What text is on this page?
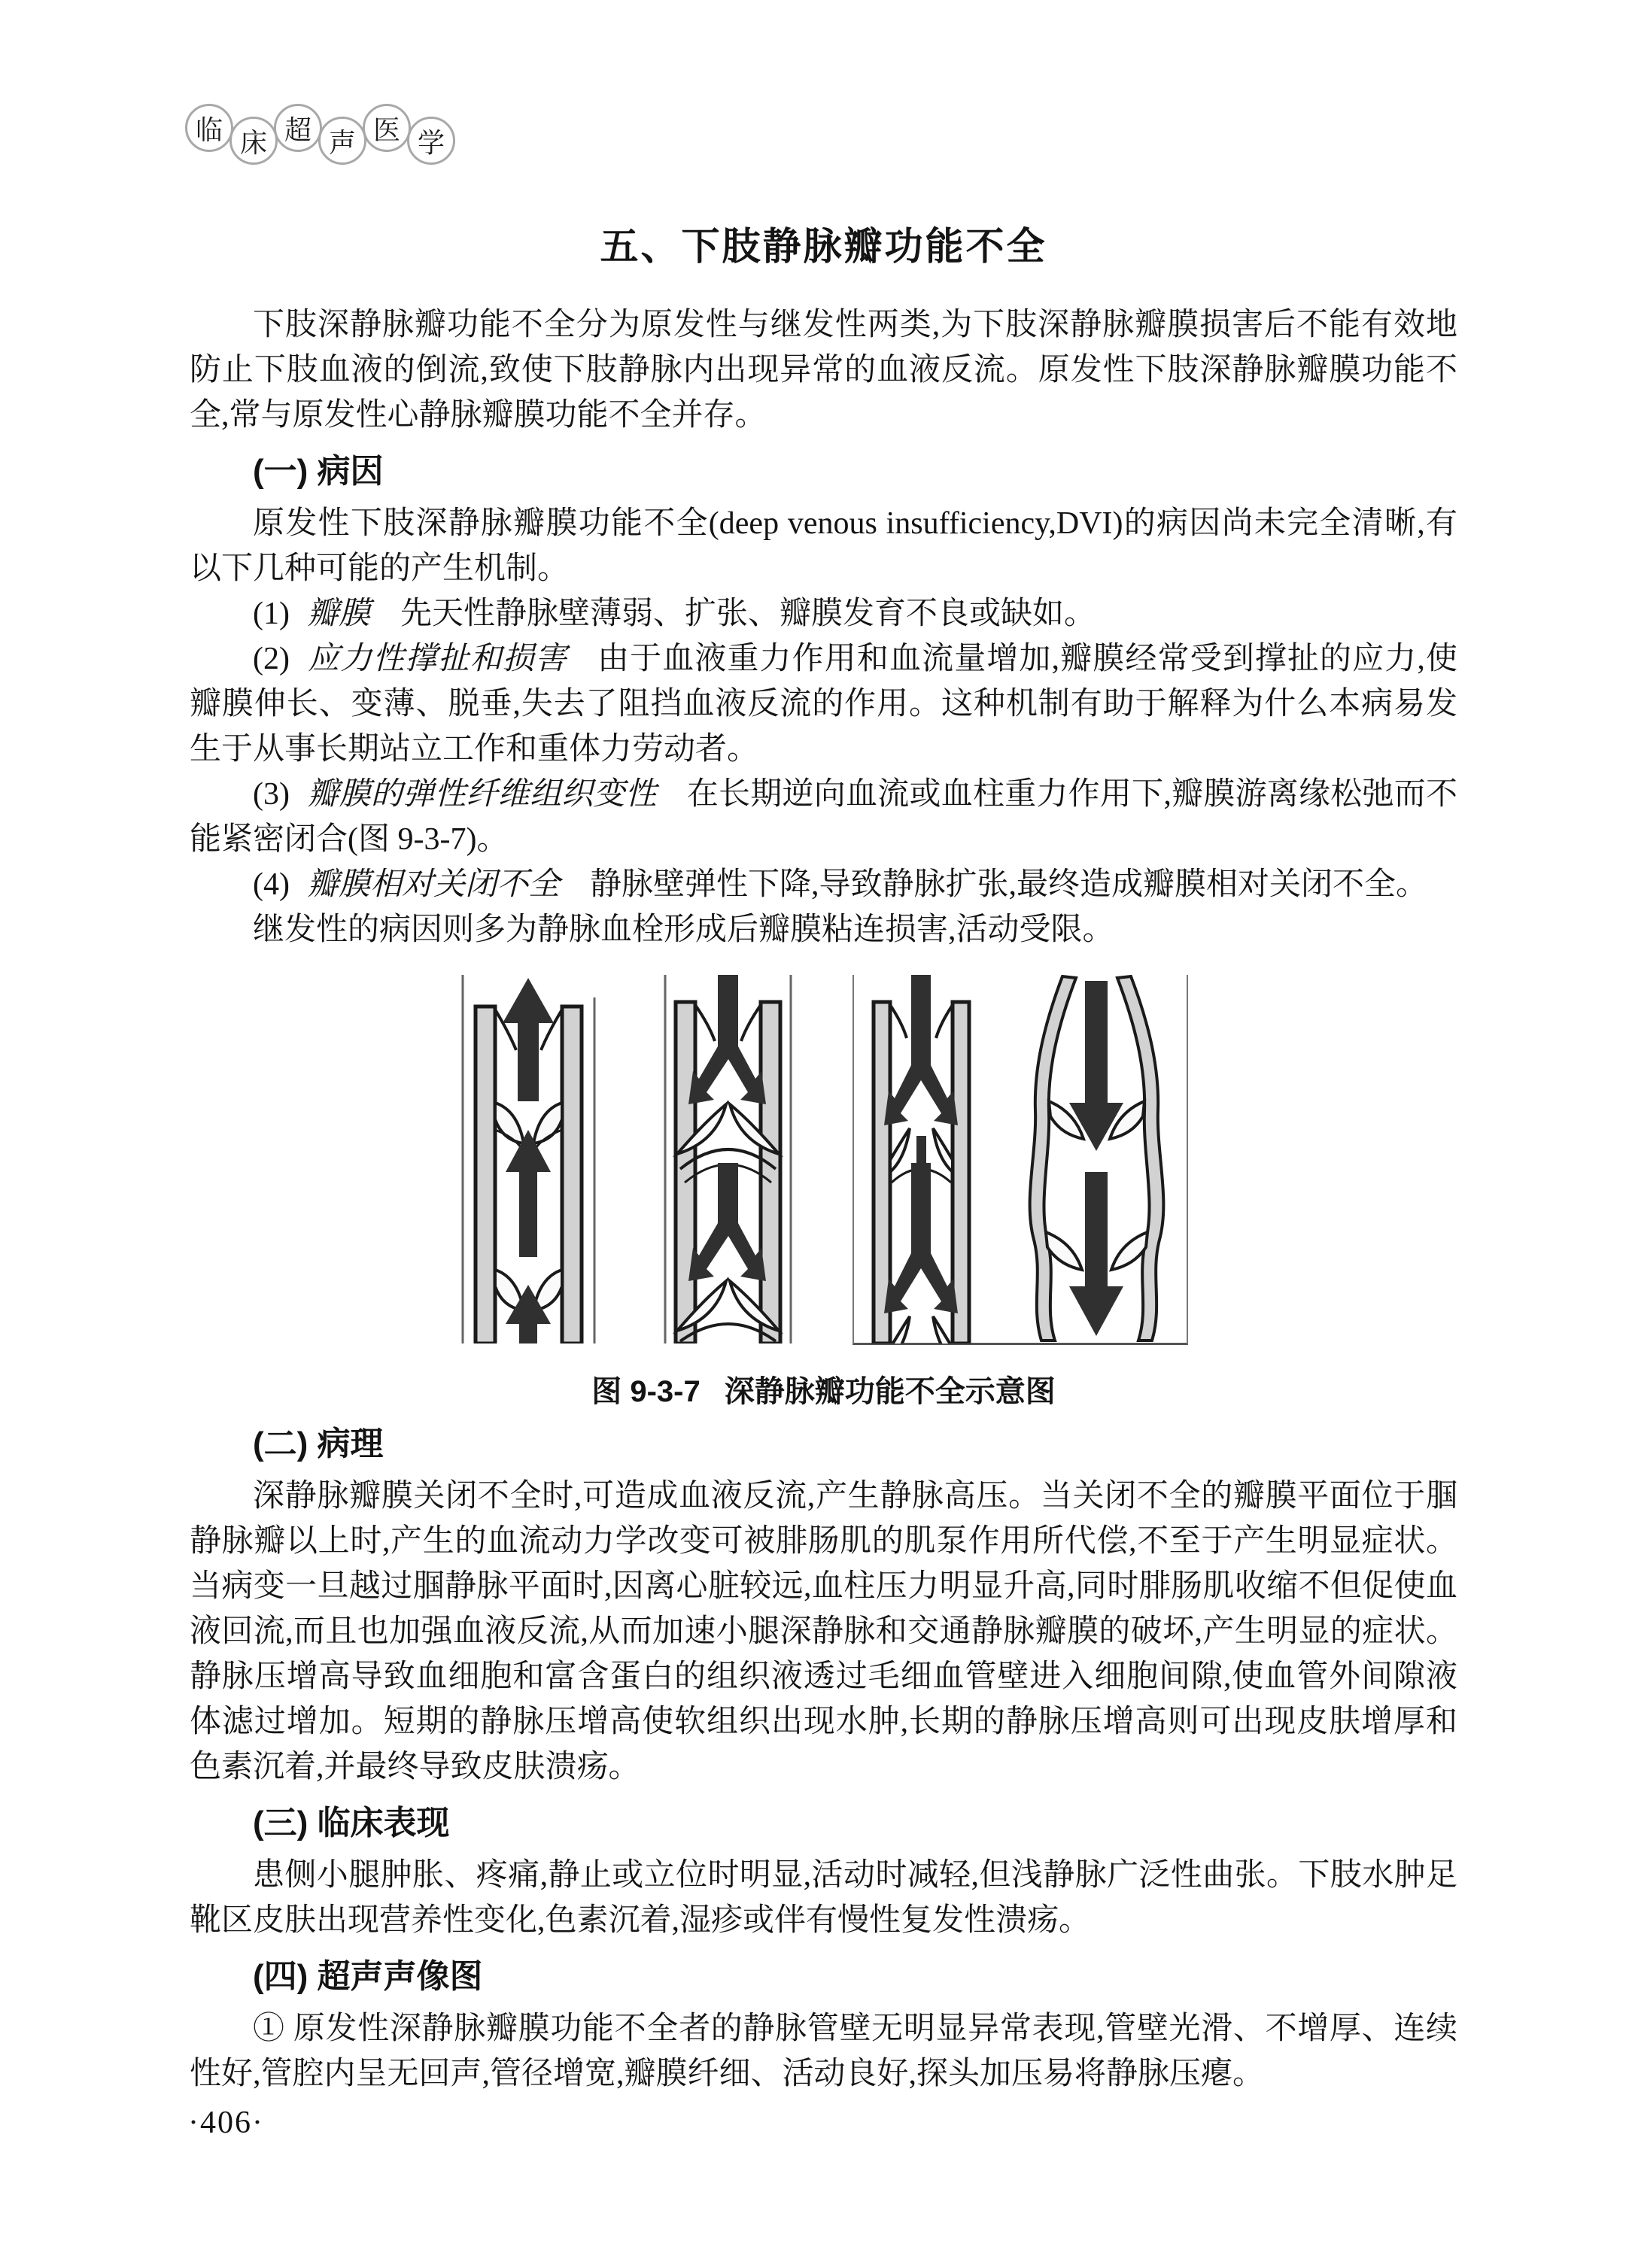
临 床 超 声 医 学
五、下肢静脉瓣功能不全

下肢深静脉瓣功能不全分为原发性与继发性两类,为下肢深静脉瓣膜损害后不能有效地防止下肢血液的倒流,致使下肢静脉内出现异常的血液反流。原发性下肢深静脉瓣膜功能不全,常与原发性心静脉瓣膜功能不全并存。

(一) 病因

原发性下肢深静脉瓣膜功能不全(deep venous insufficiency,DVI)的病因尚未完全清晰,有以下几种可能的产生机制。

(1) 瓣膜 先天性静脉壁薄弱、扩张、瓣膜发育不良或缺如。

(2) 应力性撑扯和损害 由于血液重力作用和血流量增加,瓣膜经常受到撑扯的应力,使瓣膜伸长、变薄、脱垂,失去了阻挡血液反流的作用。这种机制有助于解释为什么本病易发生于从事长期站立工作和重体力劳动者。

(3) 瓣膜的弹性纤维组织变性 在长期逆向血流或血柱重力作用下,瓣膜游离缘松弛而不能紧密闭合(图 9-3-7)。

(4) 瓣膜相对关闭不全 静脉壁弹性下降,导致静脉扩张,最终造成瓣膜相对关闭不全。

继发性的病因则多为静脉血栓形成后瓣膜粘连损害,活动受限。

图 9-3-7 深静脉瓣功能不全示意图
(二) 病理

深静脉瓣膜关闭不全时,可造成血液反流,产生静脉高压。当关闭不全的瓣膜平面位于腘静脉瓣以上时,产生的血流动力学改变可被腓肠肌的肌泵作用所代偿,不至于产生明显症状。当病变一旦越过腘静脉平面时,因离心脏较远,血柱压力明显升高,同时腓肠肌收缩不但促使血液回流,而且也加强血液反流,从而加速小腿深静脉和交通静脉瓣膜的破坏,产生明显的症状。静脉压增高导致血细胞和富含蛋白的组织液透过毛细血管壁进入细胞间隙,使血管外间隙液体滤过增加。短期的静脉压增高使软组织出现水肿,长期的静脉压增高则可出现皮肤增厚和色素沉着,并最终导致皮肤溃疡。

(三) 临床表现

患侧小腿肿胀、疼痛,静止或立位时明显,活动时减轻,但浅静脉广泛性曲张。下肢水肿足靴区皮肤出现营养性变化,色素沉着,湿疹或伴有慢性复发性溃疡。

(四) 超声声像图

① 原发性深静脉瓣膜功能不全者的静脉管壁无明显异常表现,管壁光滑、不增厚、连续性好,管腔内呈无回声,管径增宽,瓣膜纤细、活动良好,探头加压易将静脉压瘪。

·406·
